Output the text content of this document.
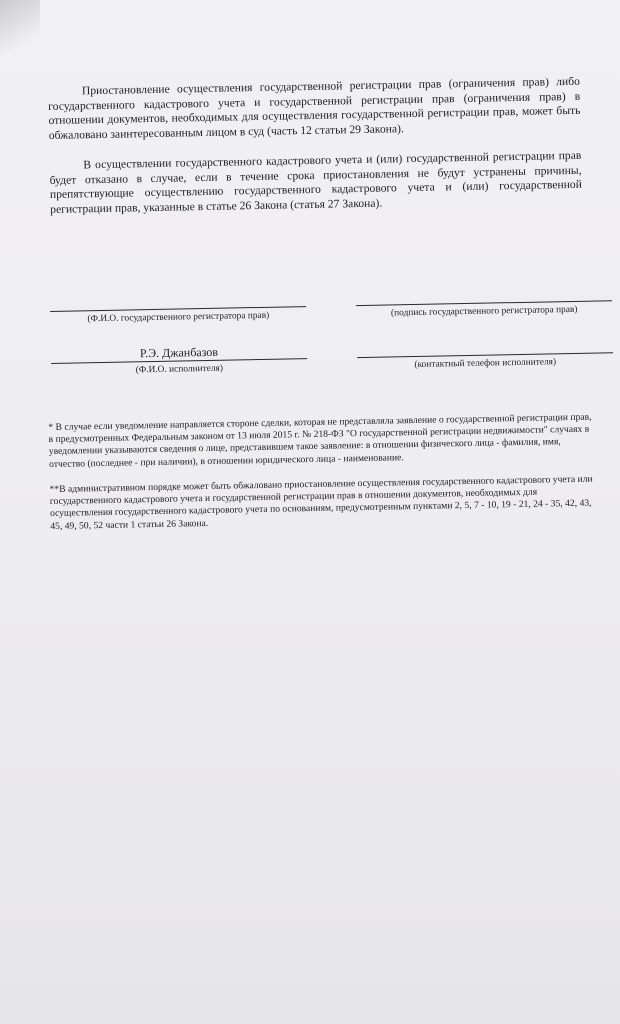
Приостановление осуществления государственной регистрации прав (ограничения прав) либо государственного кадастрового учета и государственной регистрации прав (ограничения прав) в отношении документов, необходимых для осуществления государственной регистрации прав, может быть обжаловано заинтересованным лицом в суд (часть 12 статьи 29 Закона).

В осуществлении государственного кадастрового учета и (или) государственной регистрации прав будет отказано в случае, если в течение срока приостановления не будут устранены причины, препятствующие осуществлению государственного кадастрового учета и (или) государственной регистрации прав, указанные в статье 26 Закона (статья 27 Закона).

(Ф.И.О. государственного регистратора прав)	(подпись государственного регистратора прав)
Р.Э. Джанбазов
(Ф.И.О. исполнителя)	(контактный телефон исполнителя)

* В случае если уведомление направляется стороне сделки, которая не представляла заявление о государственной регистрации прав, в предусмотренных Федеральным законом от 13 июля 2015 г. № 218-ФЗ "О государственной регистрации недвижимости" случаях в уведомлении указываются сведения о лице, представившем такое заявление: в отношении физического лица - фамилия, имя, отчество (последнее - при наличии), в отношении юридического лица - наименование.

**В административном порядке может быть обжаловано приостановление осуществления государственного кадастрового учета или государственного кадастрового учета и государственной регистрации прав в отношении документов, необходимых для осуществления государственного кадастрового учета по основаниям, предусмотренным пунктами 2, 5, 7 - 10, 19 - 21, 24 - 35, 42, 43, 45, 49, 50, 52 части 1 статьи 26 Закона.
